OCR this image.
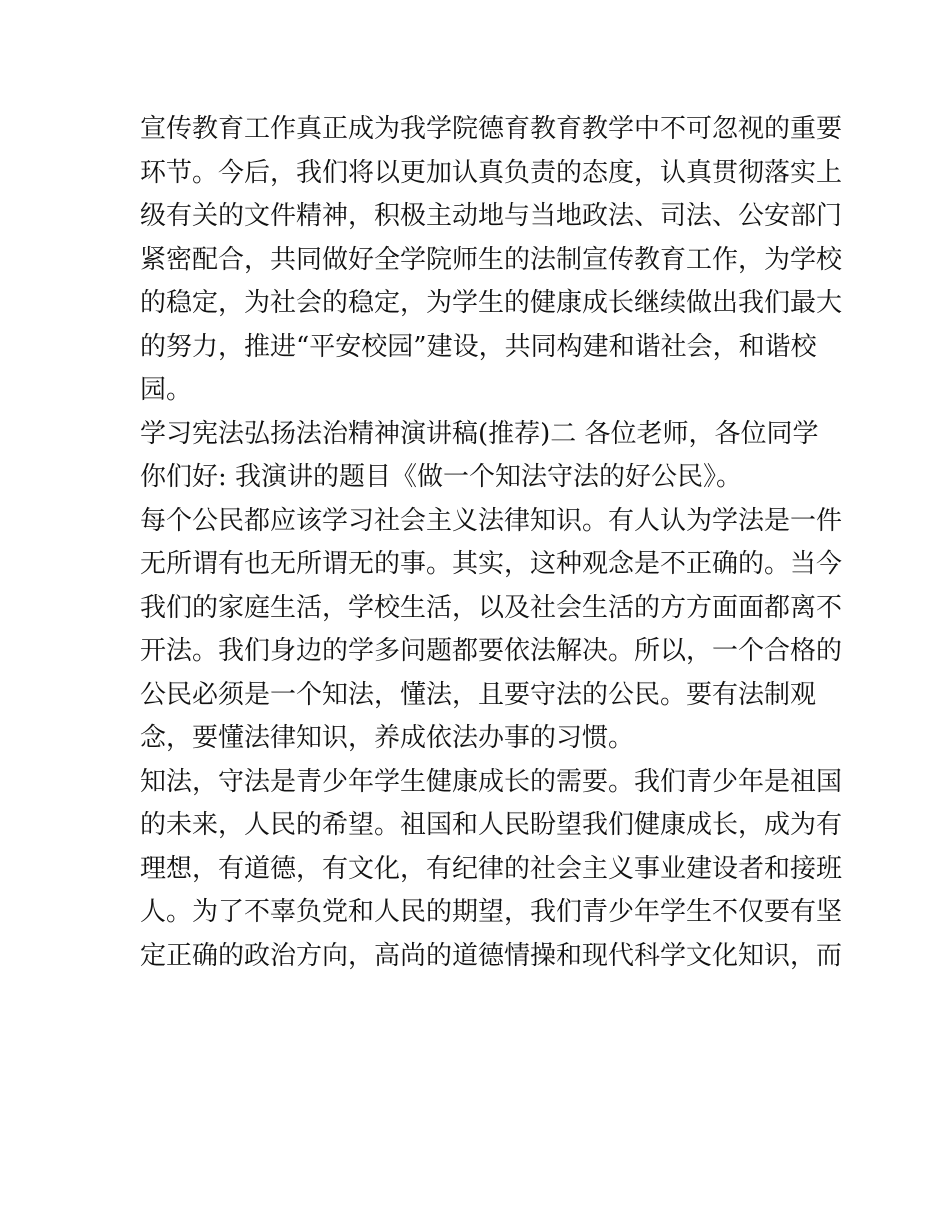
宣传教育工作真正成为我学院德育教育教学中不可忽视的重要
环节。今后，我们将以更加认真负责的态度，认真贯彻落实上
级有关的文件精神，积极主动地与当地政法、司法、公安部门
紧密配合，共同做好全学院师生的法制宣传教育工作，为学校
的稳定，为社会的稳定，为学生的健康成长继续做出我们最大
的努力，推进“平安校园”建设，共同构建和谐社会，和谐校
园。
学习宪法弘扬法治精神演讲稿(推荐)二 各位老师，各位同学
你们好: 我演讲的题目《做一个知法守法的好公民》。
每个公民都应该学习社会主义法律知识。有人认为学法是一件
无所谓有也无所谓无的事。其实，这种观念是不正确的。当今
我们的家庭生活，学校生活，以及社会生活的方方面面都离不
开法。我们身边的学多问题都要依法解决。所以，一个合格的
公民必须是一个知法，懂法，且要守法的公民。要有法制观
念，要懂法律知识，养成依法办事的习惯。
知法，守法是青少年学生健康成长的需要。我们青少年是祖国
的未来，人民的希望。祖国和人民盼望我们健康成长，成为有
理想，有道德，有文化，有纪律的社会主义事业建设者和接班
人。为了不辜负党和人民的期望，我们青少年学生不仅要有坚
定正确的政治方向，高尚的道德情操和现代科学文化知识，而
